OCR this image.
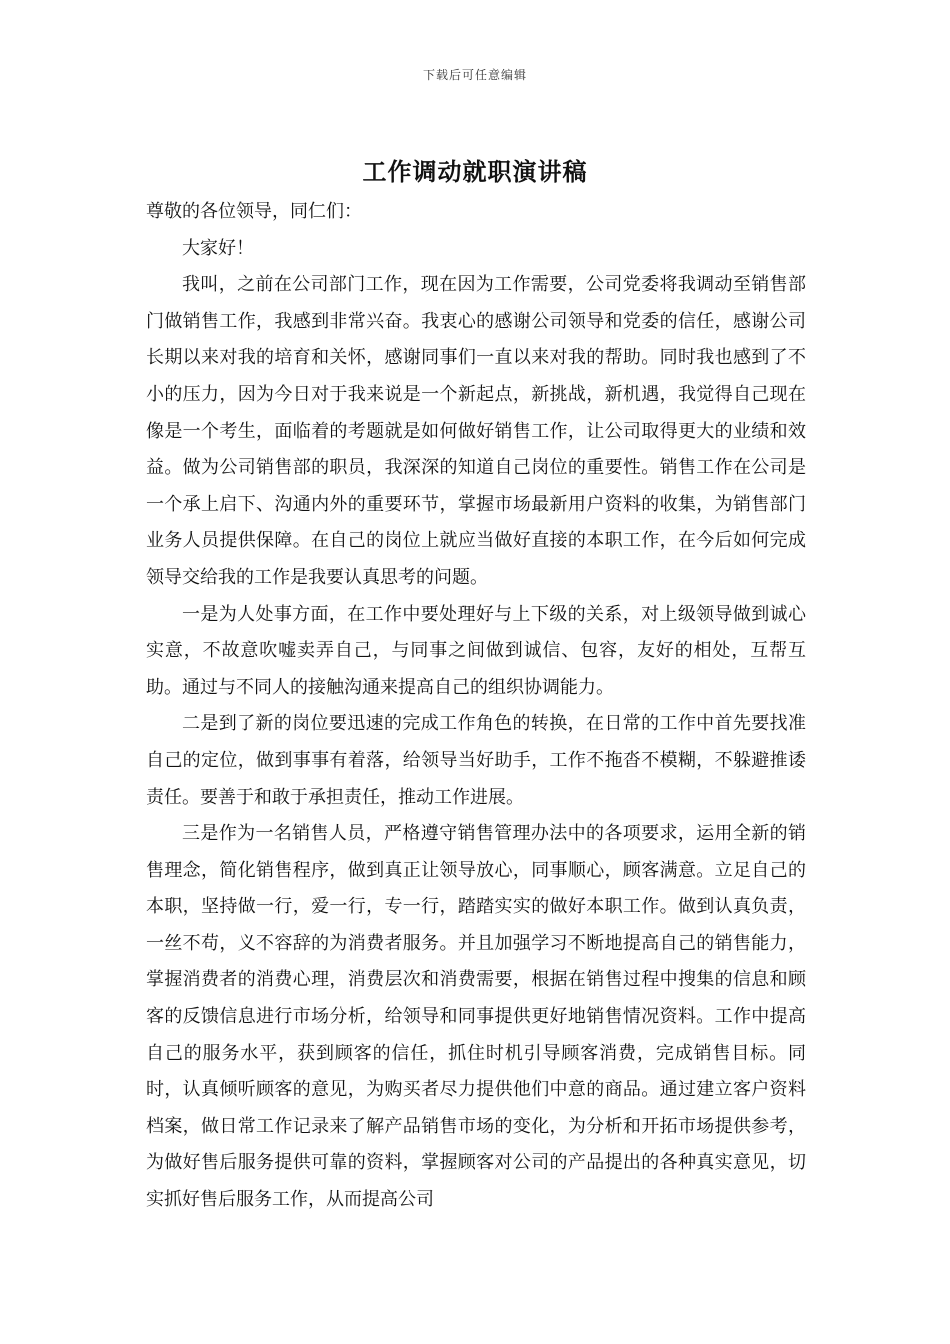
下载后可任意编辑
工作调动就职演讲稿

尊敬的各位领导，同仁们：

大家好！

我叫，之前在公司部门工作，现在因为工作需要，公司党委将我调动至销售部门做销售工作，我感到非常兴奋。我衷心的感谢公司领导和党委的信任，感谢公司长期以来对我的培育和关怀，感谢同事们一直以来对我的帮助。同时我也感到了不小的压力，因为今日对于我来说是一个新起点，新挑战，新机遇，我觉得自己现在像是一个考生，面临着的考题就是如何做好销售工作，让公司取得更大的业绩和效益。做为公司销售部的职员，我深深的知道自己岗位的重要性。销售工作在公司是一个承上启下、沟通内外的重要环节，掌握市场最新用户资料的收集，为销售部门业务人员提供保障。在自己的岗位上就应当做好直接的本职工作，在今后如何完成领导交给我的工作是我要认真思考的问题。

一是为人处事方面，在工作中要处理好与上下级的关系，对上级领导做到诚心实意，不故意吹嘘卖弄自己，与同事之间做到诚信、包容，友好的相处，互帮互助。通过与不同人的接触沟通来提高自己的组织协调能力。

二是到了新的岗位要迅速的完成工作角色的转换，在日常的工作中首先要找准自己的定位，做到事事有着落，给领导当好助手，工作不拖沓不模糊，不躲避推诿责任。要善于和敢于承担责任，推动工作进展。

三是作为一名销售人员，严格遵守销售管理办法中的各项要求，运用全新的销售理念，简化销售程序，做到真正让领导放心，同事顺心，顾客满意。立足自己的本职，坚持做一行，爱一行，专一行，踏踏实实的做好本职工作。做到认真负责，一丝不苟，义不容辞的为消费者服务。并且加强学习不断地提高自己的销售能力，掌握消费者的消费心理，消费层次和消费需要，根据在销售过程中搜集的信息和顾客的反馈信息进行市场分析，给领导和同事提供更好地销售情况资料。工作中提高自己的服务水平，获到顾客的信任，抓住时机引导顾客消费，完成销售目标。同时，认真倾听顾客的意见，为购买者尽力提供他们中意的商品。通过建立客户资料档案，做日常工作记录来了解产品销售市场的变化，为分析和开拓市场提供参考，为做好售后服务提供可靠的资料，掌握顾客对公司的产品提出的各种真实意见，切实抓好售后服务工作，从而提高公司
